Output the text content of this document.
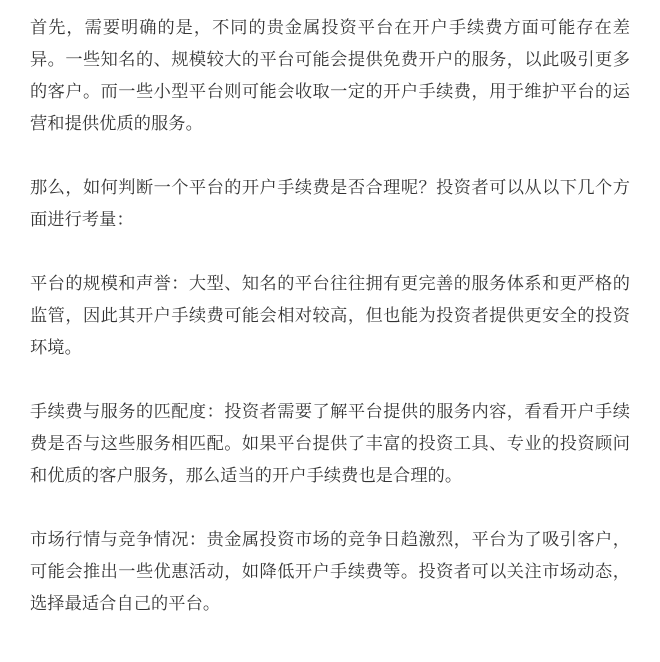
首先，需要明确的是，不同的贵金属投资平台在开户手续费方面可能存在差异。一些知名的、规模较大的平台可能会提供免费开户的服务，以此吸引更多的客户。而一些小型平台则可能会收取一定的开户手续费，用于维护平台的运营和提供优质的服务。

那么，如何判断一个平台的开户手续费是否合理呢？投资者可以从以下几个方面进行考量：

平台的规模和声誉：大型、知名的平台往往拥有更完善的服务体系和更严格的监管，因此其开户手续费可能会相对较高，但也能为投资者提供更安全的投资环境。

手续费与服务的匹配度：投资者需要了解平台提供的服务内容，看看开户手续费是否与这些服务相匹配。如果平台提供了丰富的投资工具、专业的投资顾问和优质的客户服务，那么适当的开户手续费也是合理的。

市场行情与竞争情况：贵金属投资市场的竞争日趋激烈，平台为了吸引客户，可能会推出一些优惠活动，如降低开户手续费等。投资者可以关注市场动态，选择最适合自己的平台。
